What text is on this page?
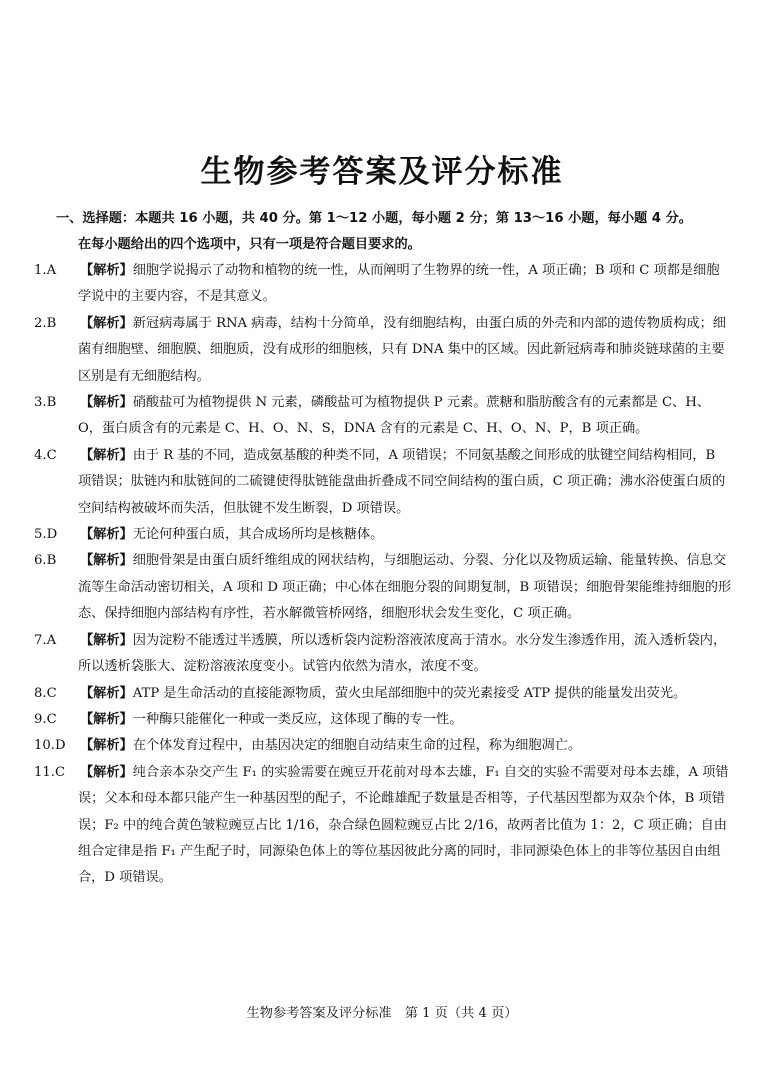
生物参考答案及评分标准
一、选择题：本题共 16 小题，共 40 分。第 1～12 小题，每小题 2 分；第 13～16 小题，每小题 4 分。
在每小题给出的四个选项中，只有一项是符合题目要求的。
1.A 【解析】细胞学说揭示了动物和植物的统一性，从而阐明了生物界的统一性，A 项正确；B 项和 C 项都是细胞学说中的主要内容，不是其意义。
2.B 【解析】新冠病毒属于 RNA 病毒，结构十分简单，没有细胞结构，由蛋白质的外壳和内部的遗传物质构成；细菌有细胞壁、细胞膜、细胞质，没有成形的细胞核，只有 DNA 集中的区域。因此新冠病毒和肺炎链球菌的主要区别是有无细胞结构。
3.B 【解析】硝酸盐可为植物提供 N 元素，磷酸盐可为植物提供 P 元素。蔗糖和脂肪酸含有的元素都是 C、H、O，蛋白质含有的元素是 C、H、O、N、S，DNA 含有的元素是 C、H、O、N、P，B 项正确。
4.C 【解析】由于 R 基的不同，造成氨基酸的种类不同，A 项错误；不同氨基酸之间形成的肽键空间结构相同，B 项错误；肽链内和肽链间的二硫键使得肽链能盘曲折叠成不同空间结构的蛋白质，C 项正确；沸水浴使蛋白质的空间结构被破坏而失活，但肽键不发生断裂，D 项错误。
5.D 【解析】无论何种蛋白质，其合成场所均是核糖体。
6.B 【解析】细胞骨架是由蛋白质纤维组成的网状结构，与细胞运动、分裂、分化以及物质运输、能量转换、信息交流等生命活动密切相关，A 项和 D 项正确；中心体在细胞分裂的间期复制，B 项错误；细胞骨架能维持细胞的形态、保持细胞内部结构有序性，若水解微管桥网络，细胞形状会发生变化，C 项正确。
7.A 【解析】因为淀粉不能透过半透膜，所以透析袋内淀粉溶液浓度高于清水。水分发生渗透作用，流入透析袋内，所以透析袋胀大、淀粉溶液浓度变小。试管内依然为清水，浓度不变。
8.C 【解析】ATP 是生命活动的直接能源物质，萤火虫尾部细胞中的荧光素接受 ATP 提供的能量发出荧光。
9.C 【解析】一种酶只能催化一种或一类反应，这体现了酶的专一性。
10.D 【解析】在个体发育过程中，由基因决定的细胞自动结束生命的过程，称为细胞凋亡。
11.C 【解析】纯合亲本杂交产生 F₁ 的实验需要在豌豆开花前对母本去雄，F₁ 自交的实验不需要对母本去雄，A 项错误；父本和母本都只能产生一种基因型的配子，不论雌雄配子数量是否相等，子代基因型都为双杂个体，B 项错误；F₂ 中的纯合黄色皱粒豌豆占比 1/16，杂合绿色圆粒豌豆占比 2/16，故两者比值为 1：2，C 项正确；自由组合定律是指 F₁ 产生配子时，同源染色体上的等位基因彼此分离的同时，非同源染色体上的非等位基因自由组合，D 项错误。
生物参考答案及评分标准　第 1 页（共 4 页）
